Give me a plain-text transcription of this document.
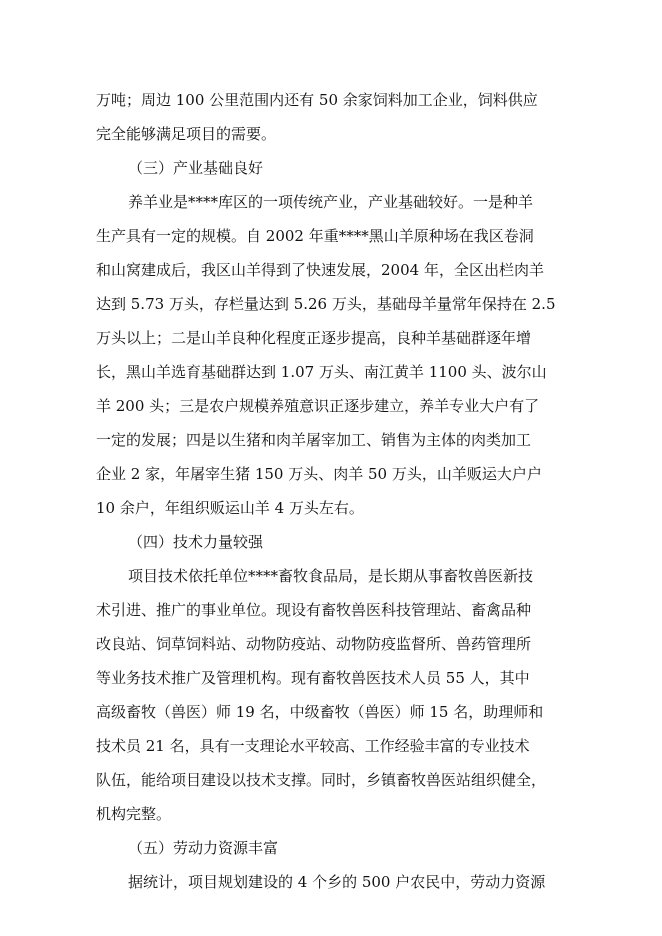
万吨；周边 100 公里范围内还有 50 余家饲料加工企业，饲料供应
完全能够满足项目的需要。
（三）产业基础良好
养羊业是****库区的一项传统产业，产业基础较好。一是种羊
生产具有一定的规模。自 2002 年重****黑山羊原种场在我区卷洞
和山窝建成后，我区山羊得到了快速发展，2004 年，全区出栏肉羊
达到 5.73 万头，存栏量达到 5.26 万头，基础母羊量常年保持在 2.5
万头以上；二是山羊良种化程度正逐步提高，良种羊基础群逐年增
长，黑山羊选育基础群达到 1.07 万头、南江黄羊 1100 头、波尔山
羊 200 头；三是农户规模养殖意识正逐步建立，养羊专业大户有了
一定的发展；四是以生猪和肉羊屠宰加工、销售为主体的肉类加工
企业 2 家，年屠宰生猪 150 万头、肉羊 50 万头，山羊贩运大户户
10 余户，年组织贩运山羊 4 万头左右。
（四）技术力量较强
项目技术依托单位****畜牧食品局，是长期从事畜牧兽医新技
术引进、推广的事业单位。现设有畜牧兽医科技管理站、畜禽品种
改良站、饲草饲料站、动物防疫站、动物防疫监督所、兽药管理所
等业务技术推广及管理机构。现有畜牧兽医技术人员 55 人，其中
高级畜牧（兽医）师 19 名，中级畜牧（兽医）师 15 名，助理师和
技术员 21 名，具有一支理论水平较高、工作经验丰富的专业技术
队伍，能给项目建设以技术支撑。同时，乡镇畜牧兽医站组织健全，
机构完整。
（五）劳动力资源丰富
据统计，项目规划建设的 4 个乡的 500 户农民中，劳动力资源
